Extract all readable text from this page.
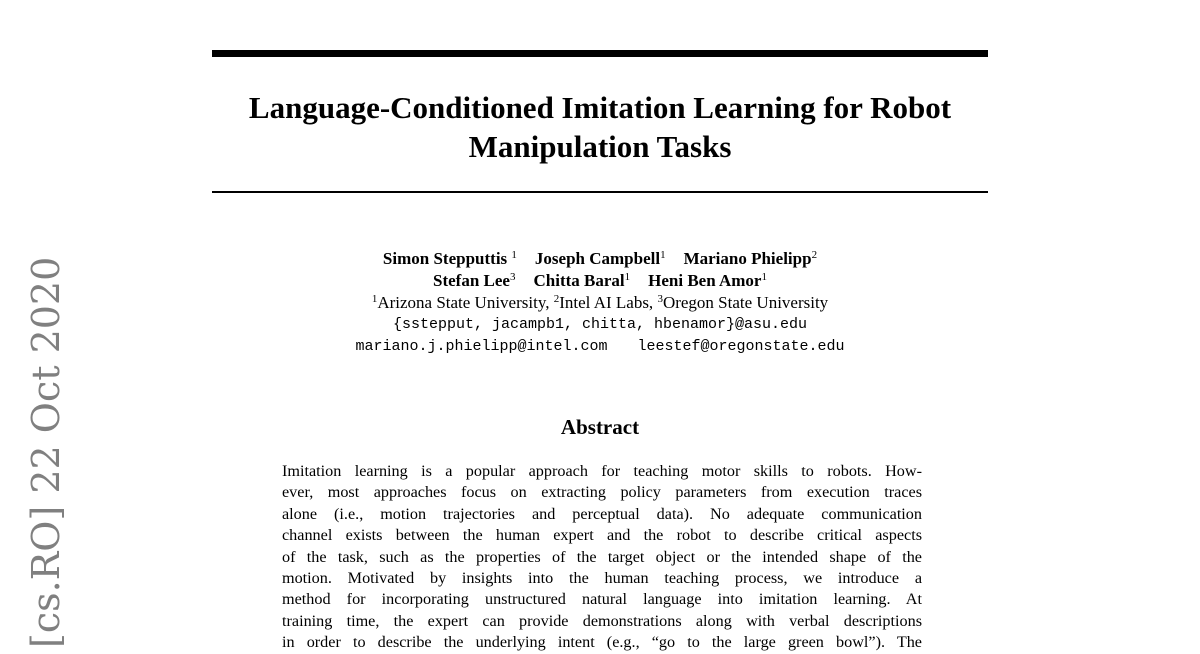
Language-Conditioned Imitation Learning for Robot
Manipulation Tasks
Simon Stepputtis $^1$ Joseph Campbell$^1$ Mariano Phielipp$^2$
Stefan Lee$^3$ Chitta Baral$^1$ Heni Ben Amor$^1$
$^1$Arizona State University, $^2$Intel AI Labs, $^3$Oregon State University
{sstepput, jacampb1, chitta, hbenamor}@asu.edu
mariano.j.phielipp@intel.com leestef@oregonstate.edu
Abstract
Imitation learning is a popular approach for teaching motor skills to robots. How-
ever, most approaches focus on extracting policy parameters from execution traces
alone (i.e., motion trajectories and perceptual data). No adequate communication
channel exists between the human expert and the robot to describe critical aspects
of the task, such as the properties of the target object or the intended shape of the
motion. Motivated by insights into the human teaching process, we introduce a
method for incorporating unstructured natural language into imitation learning. At
training time, the expert can provide demonstrations along with verbal descriptions
in order to describe the underlying intent (e.g., “go to the large green bowl”). The
[cs.RO] 22 Oct 2020
